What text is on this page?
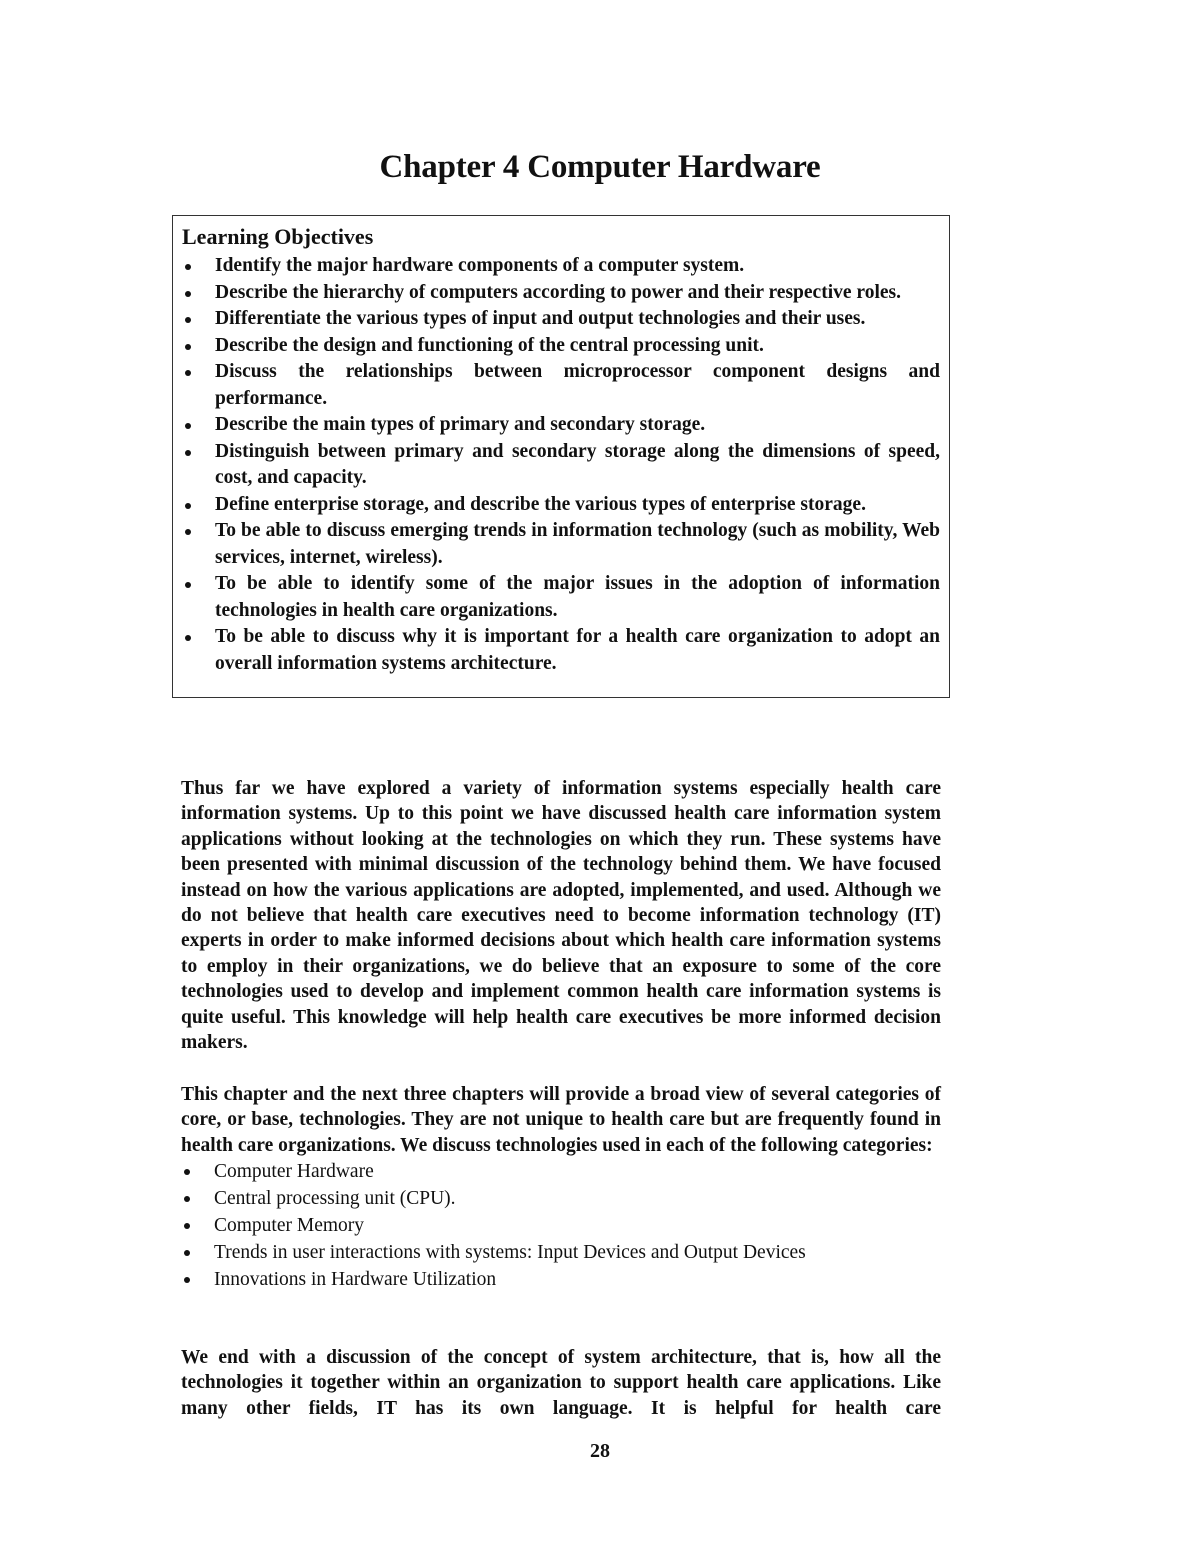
Chapter 4 Computer Hardware
Learning Objectives
Identify the major hardware components of a computer system.
Describe the hierarchy of computers according to power and their respective roles.
Differentiate the various types of input and output technologies and their uses.
Describe the design and functioning of the central processing unit.
Discuss the relationships between microprocessor component designs and performance.
Describe the main types of primary and secondary storage.
Distinguish between primary and secondary storage along the dimensions of speed, cost, and capacity.
Define enterprise storage, and describe the various types of enterprise storage.
To be able to discuss emerging trends in information technology (such as mobility, Web services, internet, wireless).
To be able to identify some of the major issues in the adoption of information technologies in health care organizations.
To be able to discuss why it is important for a health care organization to adopt an overall information systems architecture.

Thus far we have explored a variety of information systems especially health care information systems. Up to this point we have discussed health care information system applications without looking at the technologies on which they run. These systems have been presented with minimal discussion of the technology behind them. We have focused instead on how the various applications are adopted, implemented, and used. Although we do not believe that health care executives need to become information technology (IT) experts in order to make informed decisions about which health care information systems to employ in their organizations, we do believe that an exposure to some of the core technologies used to develop and implement common health care information systems is quite useful. This knowledge will help health care executives be more informed decision makers.

This chapter and the next three chapters will provide a broad view of several categories of core, or base, technologies. They are not unique to health care but are frequently found in health care organizations. We discuss technologies used in each of the following categories:

Computer Hardware
Central processing unit (CPU).
Computer Memory
Trends in user interactions with systems: Input Devices and Output Devices
Innovations in Hardware Utilization

We end with a discussion of the concept of system architecture, that is, how all the technologies it together within an organization to support health care applications. Like many other fields, IT has its own language. It is helpful for health care

28
